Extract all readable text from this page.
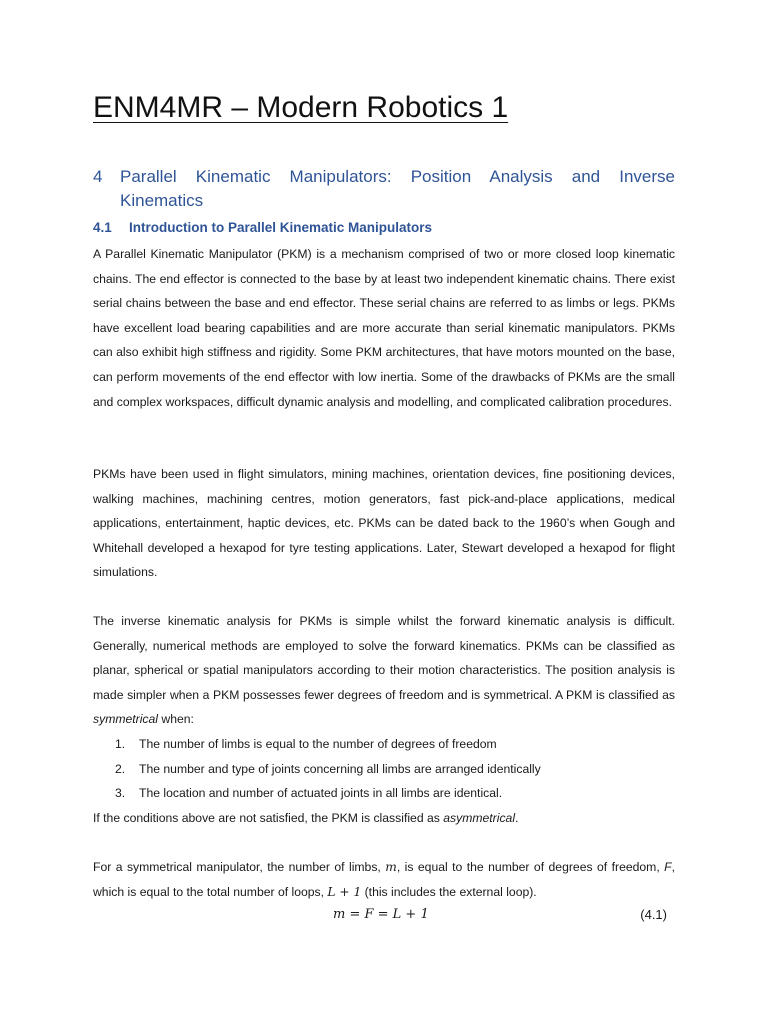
ENM4MR – Modern Robotics 1
4 Parallel Kinematic Manipulators: Position Analysis and Inverse Kinematics
4.1 Introduction to Parallel Kinematic Manipulators

A Parallel Kinematic Manipulator (PKM) is a mechanism comprised of two or more closed loop kinematic chains. The end effector is connected to the base by at least two independent kinematic chains. There exist serial chains between the base and end effector. These serial chains are referred to as limbs or legs. PKMs have excellent load bearing capabilities and are more accurate than serial kinematic manipulators. PKMs can also exhibit high stiffness and rigidity. Some PKM architectures, that have motors mounted on the base, can perform movements of the end effector with low inertia. Some of the drawbacks of PKMs are the small and complex workspaces, difficult dynamic analysis and modelling, and complicated calibration procedures.

PKMs have been used in flight simulators, mining machines, orientation devices, fine positioning devices, walking machines, machining centres, motion generators, fast pick-and-place applications, medical applications, entertainment, haptic devices, etc. PKMs can be dated back to the 1960’s when Gough and Whitehall developed a hexapod for tyre testing applications. Later, Stewart developed a hexapod for flight simulations.

The inverse kinematic analysis for PKMs is simple whilst the forward kinematic analysis is difficult. Generally, numerical methods are employed to solve the forward kinematics. PKMs can be classified as planar, spherical or spatial manipulators according to their motion characteristics. The position analysis is made simpler when a PKM possesses fewer degrees of freedom and is symmetrical. A PKM is classified as symmetrical when:

1. The number of limbs is equal to the number of degrees of freedom
2. The number and type of joints concerning all limbs are arranged identically
3. The location and number of actuated joints in all limbs are identical.
If the conditions above are not satisfied, the PKM is classified as asymmetrical.

For a symmetrical manipulator, the number of limbs, m, is equal to the number of degrees of freedom, F, which is equal to the total number of loops, L + 1 (this includes the external loop).

m = F = L + 1	(4.1)
